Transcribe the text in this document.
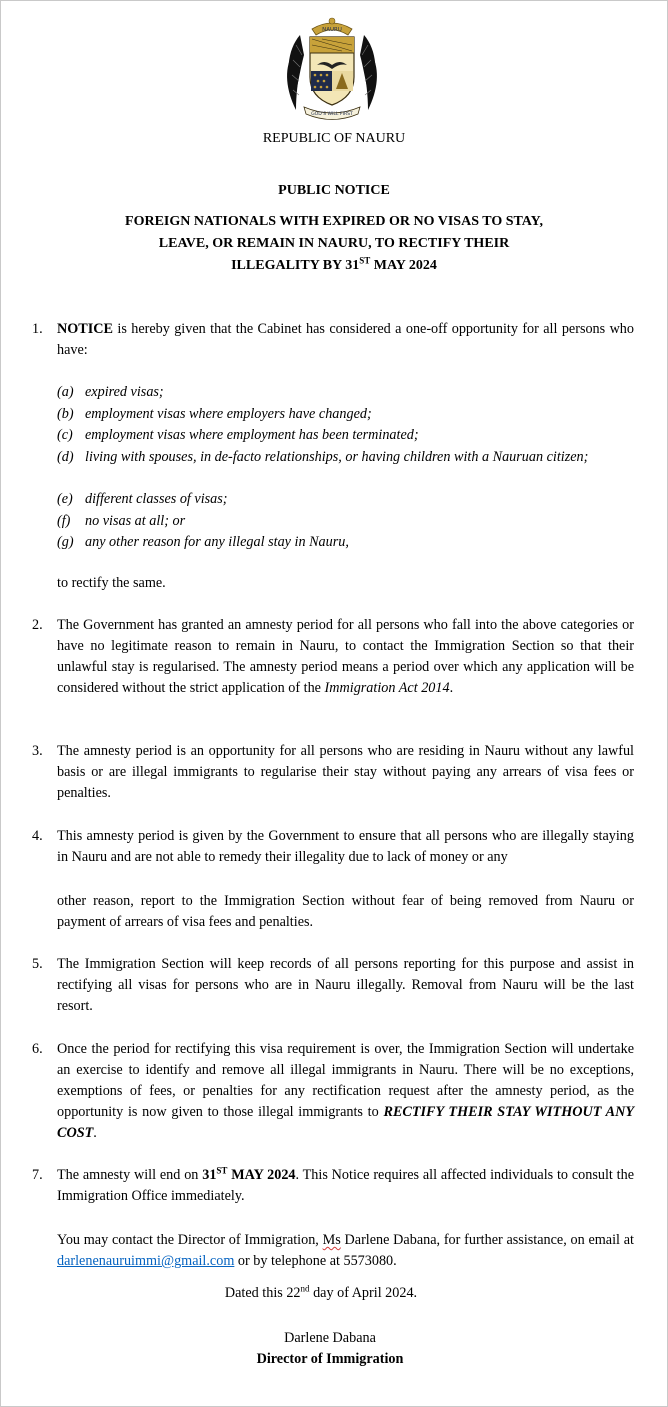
NAURU
GOD'S WILL FIRST
REPUBLIC OF NAURU
PUBLIC NOTICE
FOREIGN NATIONALS WITH EXPIRED OR NO VISAS TO STAY,
LEAVE, OR REMAIN IN NAURU, TO RECTIFY THEIR
ILLEGALITY BY 31ST MAY 2024
1. NOTICE is hereby given that the Cabinet has considered a one-off opportunity for all persons who have:
(a) expired visas;
(b) employment visas where employers have changed;
(c) employment visas where employment has been terminated;
(d) living with spouses, in de-facto relationships, or having children with a Nauruan citizen;
(e) different classes of visas;
(f) no visas at all; or
(g) any other reason for any illegal stay in Nauru,
to rectify the same.
2. The Government has granted an amnesty period for all persons who fall into the above categories or have no legitimate reason to remain in Nauru, to contact the Immigration Section so that their unlawful stay is regularised. The amnesty period means a period over which any application will be considered without the strict application of the Immigration Act 2014.
3. The amnesty period is an opportunity for all persons who are residing in Nauru without any lawful basis or are illegal immigrants to regularise their stay without paying any arrears of visa fees or penalties.
4. This amnesty period is given by the Government to ensure that all persons who are illegally staying in Nauru and are not able to remedy their illegality due to lack of money or any
other reason, report to the Immigration Section without fear of being removed from Nauru or payment of arrears of visa fees and penalties.
5. The Immigration Section will keep records of all persons reporting for this purpose and assist in rectifying all visas for persons who are in Nauru illegally. Removal from Nauru will be the last resort.
6. Once the period for rectifying this visa requirement is over, the Immigration Section will undertake an exercise to identify and remove all illegal immigrants in Nauru. There will be no exceptions, exemptions of fees, or penalties for any rectification request after the amnesty period, as the opportunity is now given to those illegal immigrants to RECTIFY THEIR STAY WITHOUT ANY COST.
7. The amnesty will end on 31ST MAY 2024. This Notice requires all affected individuals to consult the Immigration Office immediately.
You may contact the Director of Immigration, Ms Darlene Dabana, for further assistance, on email at darlenenauruimmi@gmail.com or by telephone at 5573080.
Dated this 22nd day of April 2024.
Darlene Dabana
Director of Immigration
